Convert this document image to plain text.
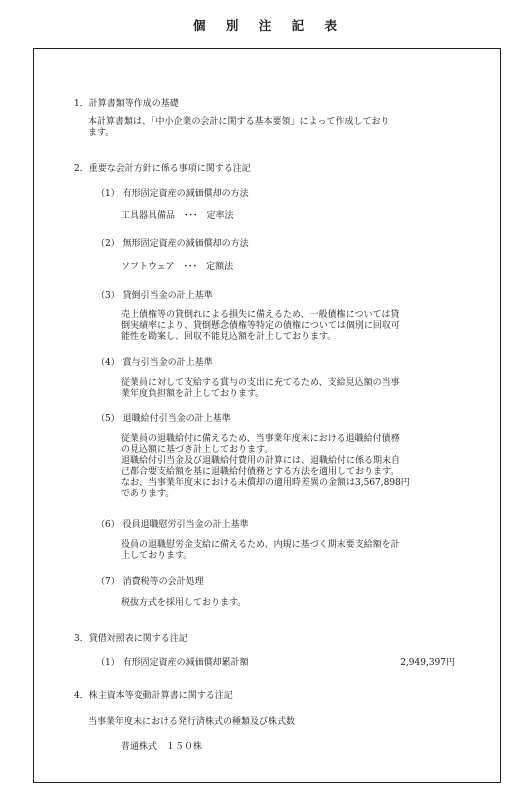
個 別 注 記 表
1．計算書類等作成の基礎
本計算書類は、「中小企業の会計に関する基本要領」によって作成しており
ます。
2．重要な会計方針に係る事項に関する注記
（1） 有形固定資産の減価償却の方法
工具器具備品　･･･　定率法
（2） 無形固定資産の減価償却の方法
ソフトウェア　･･･　定額法
（3） 貸倒引当金の計上基準
売上債権等の貸倒れによる損失に備えるため、一般債権については貸
倒実績率により、貸倒懸念債権等特定の債権については個別に回収可
能性を勘案し、回収不能見込額を計上しております。
（4） 賞与引当金の計上基準
従業員に対して支給する賞与の支出に充てるため、支給見込額の当事
業年度負担額を計上しております。
（5） 退職給付引当金の計上基準
従業員の退職給付に備えるため、当事業年度末における退職給付債務
の見込額に基づき計上しております。
退職給付引当金及び退職給付費用の計算には、退職給付に係る期末自
己都合要支給額を基に退職給付債務とする方法を適用しております。
なお、当事業年度末における未償却の適用時差異の金額は3,567,898円
であります。
（6） 役員退職慰労引当金の計上基準
役員の退職慰労金支給に備えるため、内規に基づく期末要支給額を計
上しております。
（7） 消費税等の会計処理
税抜方式を採用しております。
3．貸借対照表に関する注記
（1） 有形固定資産の減価償却累計額	2,949,397円
4．株主資本等変動計算書に関する注記
当事業年度末における発行済株式の種類及び株式数
普通株式　１５０株
